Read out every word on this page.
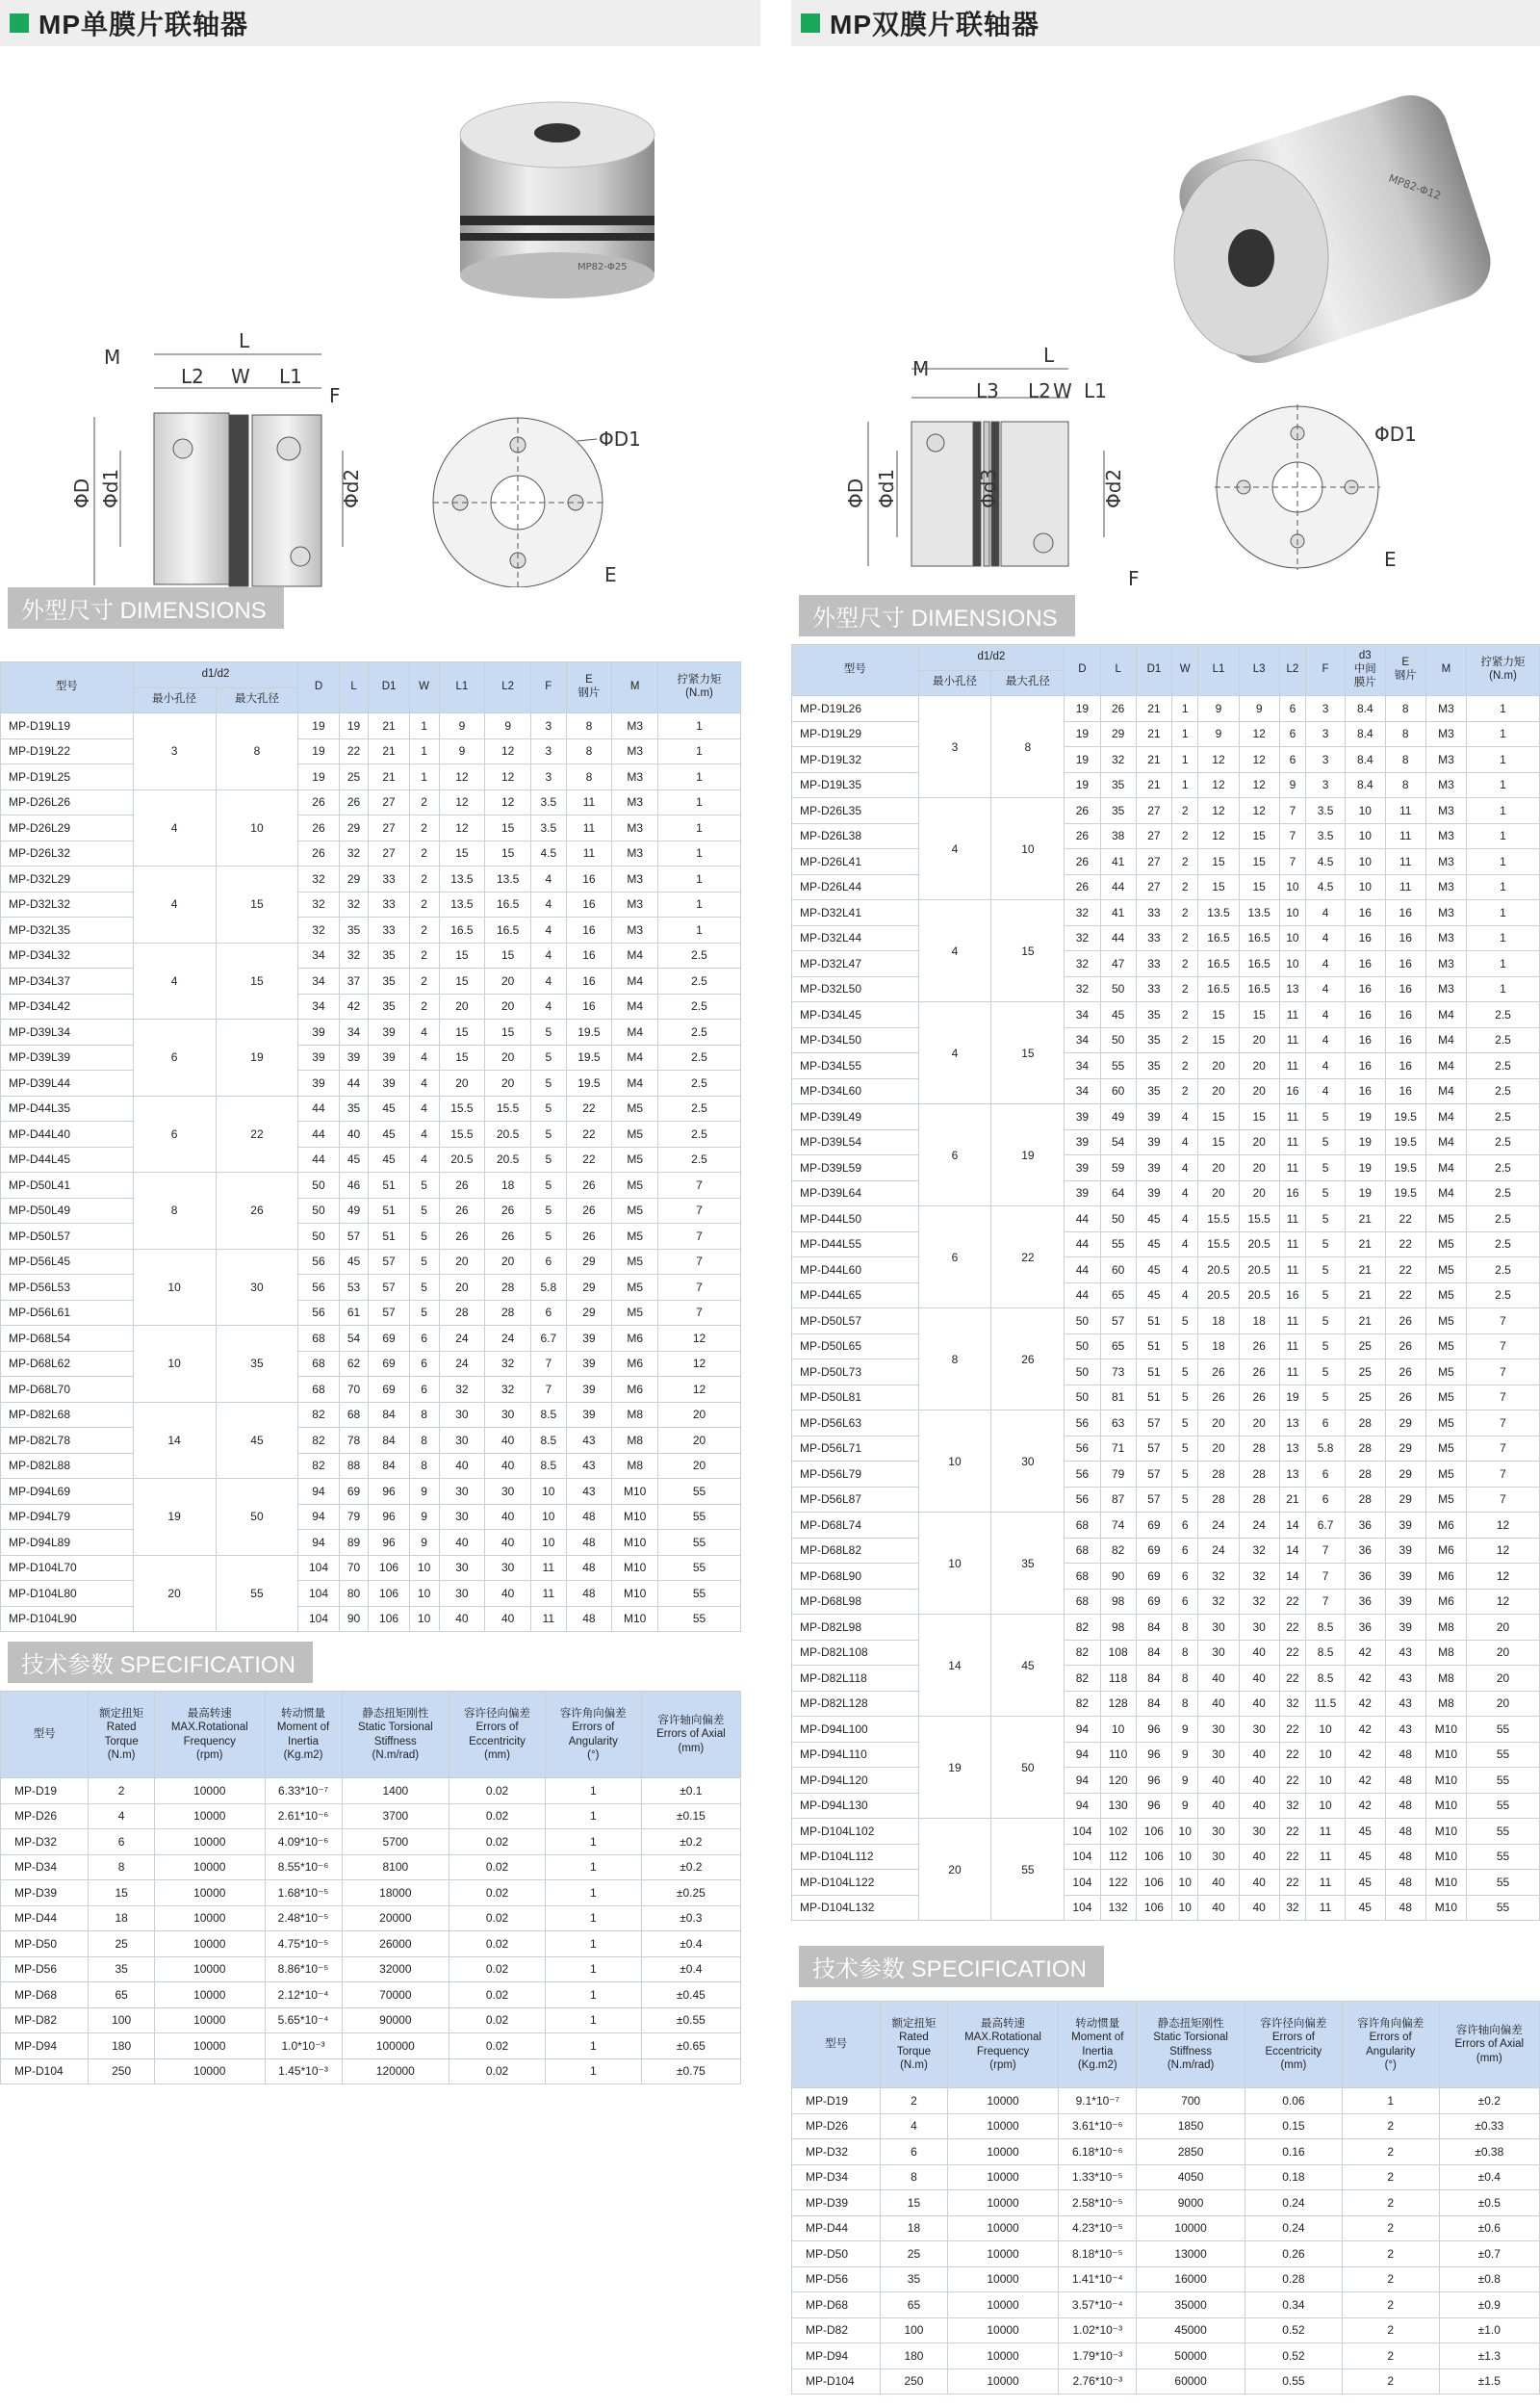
MP单膜片联轴器
MP82-Φ25
L
M
L2 W L1
F
ΦD Φd1	Φd2
ΦD1
E
外型尺寸 DIMENSIONS
型号	d1/d2		D	L	D1	W	L1	L2	F	E
钢片	M	拧紧力矩
(N.m)
	最小孔径	最大孔径										
MP-D19L19	3	8	19	19	21	1	9	9	3	8	M3	1
MP-D19L22			19	22	21	1	9	12	3	8	M3	1
MP-D19L25			19	25	21	1	12	12	3	8	M3	1
MP-D26L26	4	10	26	26	27	2	12	12	3.5	11	M3	1
MP-D26L29			26	29	27	2	12	15	3.5	11	M3	1
MP-D26L32			26	32	27	2	15	15	4.5	11	M3	1
MP-D32L29	4	15	32	29	33	2	13.5	13.5	4	16	M3	1
MP-D32L32			32	32	33	2	13.5	16.5	4	16	M3	1
MP-D32L35			32	35	33	2	16.5	16.5	4	16	M3	1
MP-D34L32	4	15	34	32	35	2	15	15	4	16	M4	2.5
MP-D34L37			34	37	35	2	15	20	4	16	M4	2.5
MP-D34L42			34	42	35	2	20	20	4	16	M4	2.5
MP-D39L34	6	19	39	34	39	4	15	15	5	19.5	M4	2.5
MP-D39L39			39	39	39	4	15	20	5	19.5	M4	2.5
MP-D39L44			39	44	39	4	20	20	5	19.5	M4	2.5
MP-D44L35	6	22	44	35	45	4	15.5	15.5	5	22	M5	2.5
MP-D44L40			44	40	45	4	15.5	20.5	5	22	M5	2.5
MP-D44L45			44	45	45	4	20.5	20.5	5	22	M5	2.5
MP-D50L41	8	26	50	46	51	5	26	18	5	26	M5	7
MP-D50L49			50	49	51	5	26	26	5	26	M5	7
MP-D50L57			50	57	51	5	26	26	5	26	M5	7
MP-D56L45	10	30	56	45	57	5	20	20	6	29	M5	7
MP-D56L53			56	53	57	5	20	28	5.8	29	M5	7
MP-D56L61			56	61	57	5	28	28	6	29	M5	7
MP-D68L54	10	35	68	54	69	6	24	24	6.7	39	M6	12
MP-D68L62			68	62	69	6	24	32	7	39	M6	12
MP-D68L70			68	70	69	6	32	32	7	39	M6	12
MP-D82L68	14	45	82	68	84	8	30	30	8.5	39	M8	20
MP-D82L78			82	78	84	8	30	40	8.5	43	M8	20
MP-D82L88			82	88	84	8	40	40	8.5	43	M8	20
MP-D94L69	19	50	94	69	96	9	30	30	10	43	M10	55
MP-D94L79			94	79	96	9	30	40	10	48	M10	55
MP-D94L89			94	89	96	9	40	40	10	48	M10	55
MP-D104L70	20	55	104	70	106	10	30	30	11	48	M10	55
MP-D104L80			104	80	106	10	30	40	11	48	M10	55
MP-D104L90			104	90	106	10	40	40	11	48	M10	55
技术参数 SPECIFICATION
型号	额定扭矩
Rated
Torque
(N.m)	最高转速
MAX.Rotational
Frequency
(rpm)	转动惯量
Moment of
Inertia
(Kg.m2)	静态扭矩刚性
Static Torsional
Stiffness
(N.m/rad)	容许径向偏差
Errors of
Eccentricity
(mm)	容许角向偏差
Errors of
Angularity
(°)	容许轴向偏差
Errors of Axial
(mm)
MP-D19	2	10000	6.33*10⁻⁷	1400	0.02	1	±0.1
MP-D26	4	10000	2.61*10⁻⁶	3700	0.02	1	±0.15
MP-D32	6	10000	4.09*10⁻⁶	5700	0.02	1	±0.2
MP-D34	8	10000	8.55*10⁻⁶	8100	0.02	1	±0.2
MP-D39	15	10000	1.68*10⁻⁵	18000	0.02	1	±0.25
MP-D44	18	10000	2.48*10⁻⁵	20000	0.02	1	±0.3
MP-D50	25	10000	4.75*10⁻⁵	26000	0.02	1	±0.4
MP-D56	35	10000	8.86*10⁻⁵	32000	0.02	1	±0.4
MP-D68	65	10000	2.12*10⁻⁴	70000	0.02	1	±0.45
MP-D82	100	10000	5.65*10⁻⁴	90000	0.02	1	±0.55
MP-D94	180	10000	1.0*10⁻³	100000	0.02	1	±0.65
MP-D104	250	10000	1.45*10⁻³	120000	0.02	1	±0.75
MP双膜片联轴器
MP82-Φ12
L
M
L3 L2 W L1
F
ΦD Φd1	Φd3	Φd2
ΦD1
E
外型尺寸 DIMENSIONS
型号	d1/d2		D	L	D1	W	L1	L3	L2	F	d3
中间
膜片	E
钢片	M	拧紧力矩
(N.m)
	最小孔径	最大孔径												
MP-D19L26	3	8	19	26	21	1	9	9	6	3	8.4	8	M3	1
MP-D19L29			19	29	21	1	9	12	6	3	8.4	8	M3	1
MP-D19L32			19	32	21	1	12	12	6	3	8.4	8	M3	1
MP-D19L35			19	35	21	1	12	12	9	3	8.4	8	M3	1
MP-D26L35	4	10	26	35	27	2	12	12	7	3.5	10	11	M3	1
MP-D26L38			26	38	27	2	12	15	7	3.5	10	11	M3	1
MP-D26L41			26	41	27	2	15	15	7	4.5	10	11	M3	1
MP-D26L44			26	44	27	2	15	15	10	4.5	10	11	M3	1
MP-D32L41	4	15	32	41	33	2	13.5	13.5	10	4	16	16	M3	1
MP-D32L44			32	44	33	2	16.5	16.5	10	4	16	16	M3	1
MP-D32L47			32	47	33	2	16.5	16.5	10	4	16	16	M3	1
MP-D32L50			32	50	33	2	16.5	16.5	13	4	16	16	M3	1
MP-D34L45	4	15	34	45	35	2	15	15	11	4	16	16	M4	2.5
MP-D34L50			34	50	35	2	15	20	11	4	16	16	M4	2.5
MP-D34L55			34	55	35	2	20	20	11	4	16	16	M4	2.5
MP-D34L60			34	60	35	2	20	20	16	4	16	16	M4	2.5
MP-D39L49	6	19	39	49	39	4	15	15	11	5	19	19.5	M4	2.5
MP-D39L54			39	54	39	4	15	20	11	5	19	19.5	M4	2.5
MP-D39L59			39	59	39	4	20	20	11	5	19	19.5	M4	2.5
MP-D39L64			39	64	39	4	20	20	16	5	19	19.5	M4	2.5
MP-D44L50	6	22	44	50	45	4	15.5	15.5	11	5	21	22	M5	2.5
MP-D44L55			44	55	45	4	15.5	20.5	11	5	21	22	M5	2.5
MP-D44L60			44	60	45	4	20.5	20.5	11	5	21	22	M5	2.5
MP-D44L65			44	65	45	4	20.5	20.5	16	5	21	22	M5	2.5
MP-D50L57	8	26	50	57	51	5	18	18	11	5	21	26	M5	7
MP-D50L65			50	65	51	5	18	26	11	5	25	26	M5	7
MP-D50L73			50	73	51	5	26	26	11	5	25	26	M5	7
MP-D50L81			50	81	51	5	26	26	19	5	25	26	M5	7
MP-D56L63	10	30	56	63	57	5	20	20	13	6	28	29	M5	7
MP-D56L71			56	71	57	5	20	28	13	5.8	28	29	M5	7
MP-D56L79			56	79	57	5	28	28	13	6	28	29	M5	7
MP-D56L87			56	87	57	5	28	28	21	6	28	29	M5	7
MP-D68L74	10	35	68	74	69	6	24	24	14	6.7	36	39	M6	12
MP-D68L82			68	82	69	6	24	32	14	7	36	39	M6	12
MP-D68L90			68	90	69	6	32	32	14	7	36	39	M6	12
MP-D68L98			68	98	69	6	32	32	22	7	36	39	M6	12
MP-D82L98	14	45	82	98	84	8	30	30	22	8.5	36	39	M8	20
MP-D82L108			82	108	84	8	30	40	22	8.5	42	43	M8	20
MP-D82L118			82	118	84	8	40	40	22	8.5	42	43	M8	20
MP-D82L128			82	128	84	8	40	40	32	11.5	42	43	M8	20
MP-D94L100	19	50	94	10	96	9	30	30	22	10	42	43	M10	55
MP-D94L110			94	110	96	9	30	40	22	10	42	48	M10	55
MP-D94L120			94	120	96	9	40	40	22	10	42	48	M10	55
MP-D94L130			94	130	96	9	40	40	32	10	42	48	M10	55
MP-D104L102	20	55	104	102	106	10	30	30	22	11	45	48	M10	55
MP-D104L112			104	112	106	10	30	40	22	11	45	48	M10	55
MP-D104L122			104	122	106	10	40	40	22	11	45	48	M10	55
MP-D104L132			104	132	106	10	40	40	32	11	45	48	M10	55
技术参数 SPECIFICATION
型号	额定扭矩
Rated
Torque
(N.m)	最高转速
MAX.Rotational
Frequency
(rpm)	转动惯量
Moment of
Inertia
(Kg.m2)	静态扭矩刚性
Static Torsional
Stiffness
(N.m/rad)	容许径向偏差
Errors of
Eccentricity
(mm)	容许角向偏差
Errors of
Angularity
(°)	容许轴向偏差
Errors of Axial
(mm)
MP-D19	2	10000	9.1*10⁻⁷	700	0.06	1	±0.2
MP-D26	4	10000	3.61*10⁻⁶	1850	0.15	2	±0.33
MP-D32	6	10000	6.18*10⁻⁶	2850	0.16	2	±0.38
MP-D34	8	10000	1.33*10⁻⁵	4050	0.18	2	±0.4
MP-D39	15	10000	2.58*10⁻⁵	9000	0.24	2	±0.5
MP-D44	18	10000	4.23*10⁻⁵	10000	0.24	2	±0.6
MP-D50	25	10000	8.18*10⁻⁵	13000	0.26	2	±0.7
MP-D56	35	10000	1.41*10⁻⁴	16000	0.28	2	±0.8
MP-D68	65	10000	3.57*10⁻⁴	35000	0.34	2	±0.9
MP-D82	100	10000	1.02*10⁻³	45000	0.52	2	±1.0
MP-D94	180	10000	1.79*10⁻³	50000	0.52	2	±1.3
MP-D104	250	10000	2.76*10⁻³	60000	0.55	2	±1.5
